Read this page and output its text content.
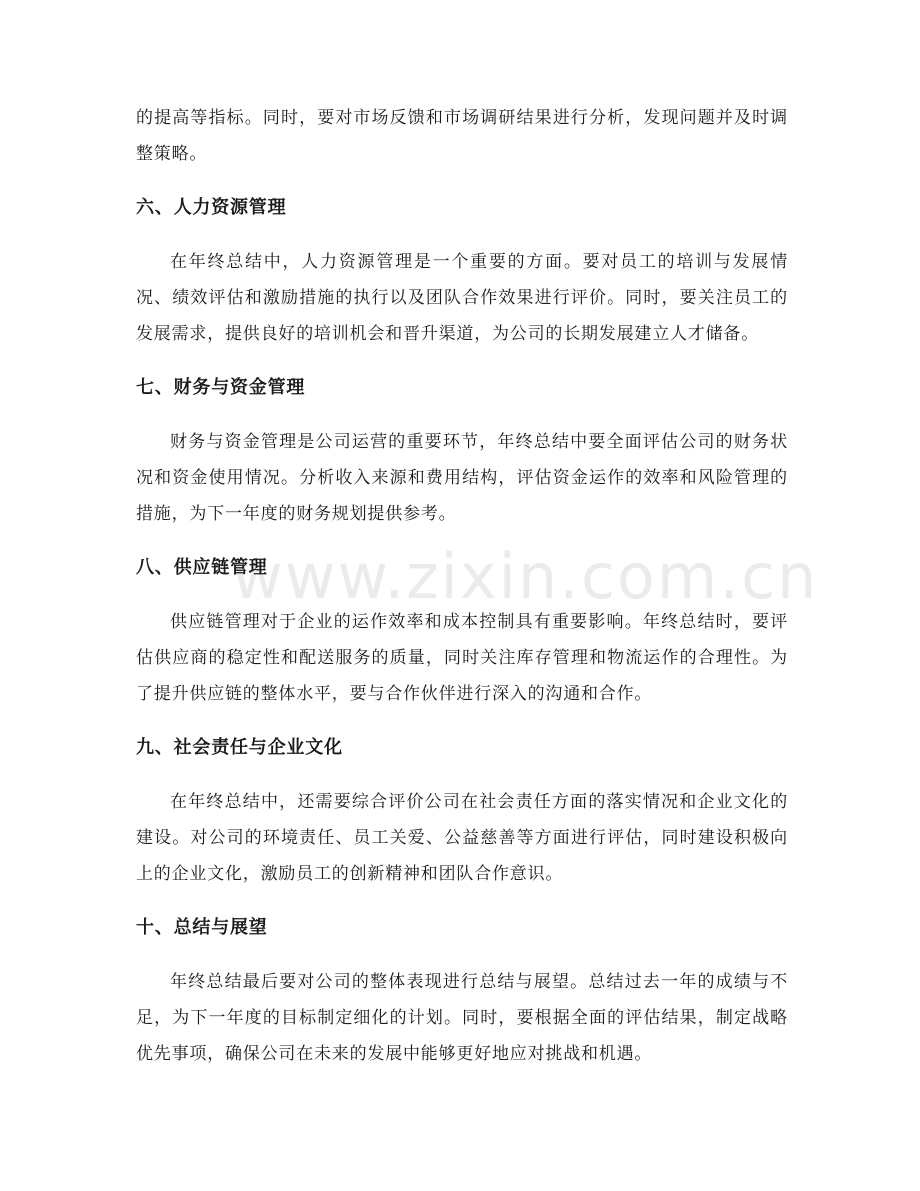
的提高等指标。同时，要对市场反馈和市场调研结果进行分析，发现问题并及时调整策略。

六、人力资源管理

在年终总结中，人力资源管理是一个重要的方面。要对员工的培训与发展情况、绩效评估和激励措施的执行以及团队合作效果进行评价。同时，要关注员工的发展需求，提供良好的培训机会和晋升渠道，为公司的长期发展建立人才储备。

七、财务与资金管理

财务与资金管理是公司运营的重要环节，年终总结中要全面评估公司的财务状况和资金使用情况。分析收入来源和费用结构，评估资金运作的效率和风险管理的措施，为下一年度的财务规划提供参考。

八、供应链管理

供应链管理对于企业的运作效率和成本控制具有重要影响。年终总结时，要评估供应商的稳定性和配送服务的质量，同时关注库存管理和物流运作的合理性。为了提升供应链的整体水平，要与合作伙伴进行深入的沟通和合作。

九、社会责任与企业文化

在年终总结中，还需要综合评价公司在社会责任方面的落实情况和企业文化的建设。对公司的环境责任、员工关爱、公益慈善等方面进行评估，同时建设积极向上的企业文化，激励员工的创新精神和团队合作意识。

十、总结与展望

年终总结最后要对公司的整体表现进行总结与展望。总结过去一年的成绩与不足，为下一年度的目标制定细化的计划。同时，要根据全面的评估结果，制定战略优先事项，确保公司在未来的发展中能够更好地应对挑战和机遇。

www.zixin.com.cn
